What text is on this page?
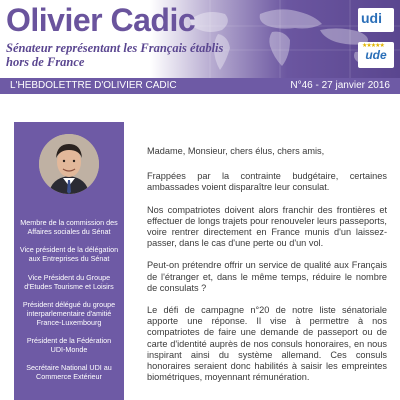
Olivier Cadic
Sénateur représentant les Français établis hors de France
udi
★★★★★
ude
L'HEBDOLETTRE D'OLIVIER CADIC	N°46 - 27 janvier 2016
Membre de la commission des Affaires sociales du Sénat
Vice président de la délégation aux Entreprises du Sénat
Vice Président du Groupe d'Etudes Tourisme et Loisirs
Président délégué du groupe interparlementaire d'amitié France-Luxembourg
Président de la Fédération UDI-Monde
Secrétaire National UDI au Commerce Extérieur

Madame, Monsieur, chers élus, chers amis,

Frappées par la contrainte budgétaire, certaines ambassades voient disparaître leur consulat.

Nos compatriotes doivent alors franchir des frontières et effectuer de longs trajets pour renouveler leurs passeports, voire rentrer directement en France munis d'un laissez-passer, dans le cas d'une perte ou d'un vol.

Peut-on prétendre offrir un service de qualité aux Français de l'étranger et, dans le même temps, réduire le nombre de consulats ?

Le défi de campagne n°20 de notre liste sénatoriale apporte une réponse. Il vise à permettre à nos compatriotes de faire une demande de passeport ou de carte d'identité auprès de nos consuls honoraires, en nous inspirant ainsi du système allemand. Ces consuls honoraires seraient donc habilités à saisir les empreintes biométriques, moyennant rémunération.
